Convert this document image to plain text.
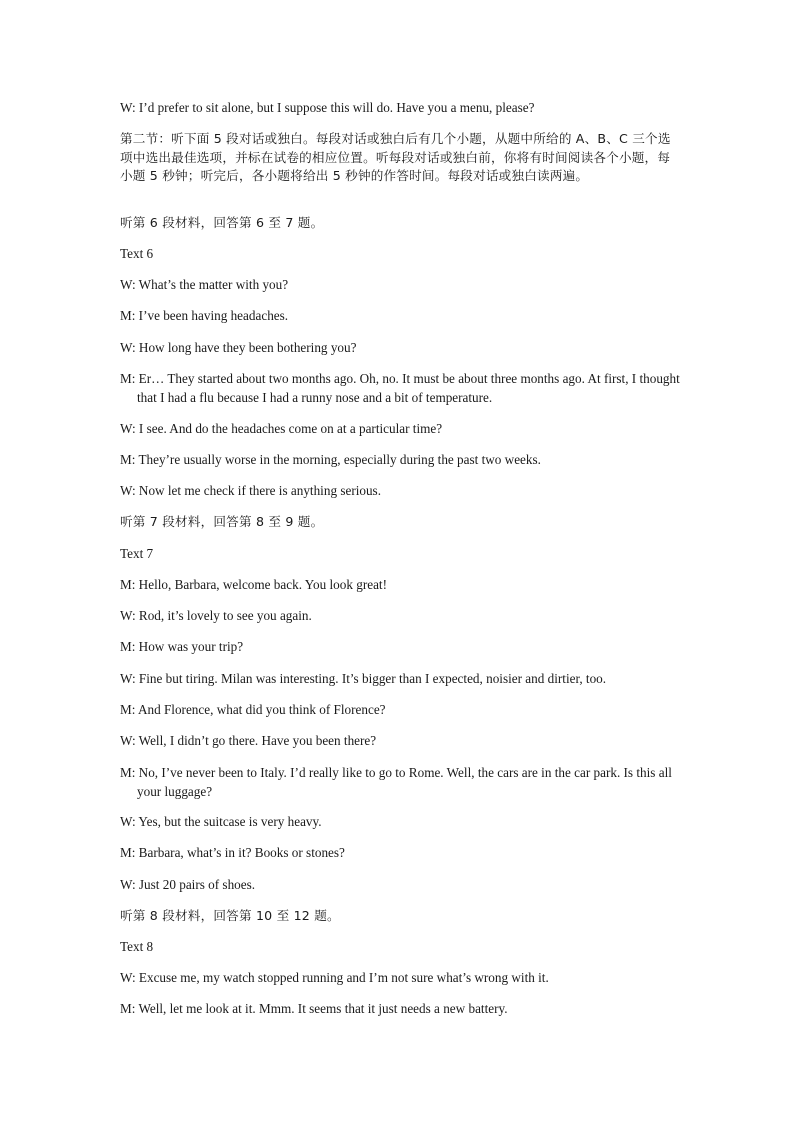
W: I’d prefer to sit alone, but I suppose this will do. Have you a menu, please?

第二节：听下面 5 段对话或独白。每段对话或独白后有几个小题，从题中所给的 A、B、C 三个选项中选出最佳选项，并标在试卷的相应位置。听每段对话或独白前，你将有时间阅读各个小题，每小题 5 秒钟；听完后，各小题将给出 5 秒钟的作答时间。每段对话或独白读两遍。

听第 6 段材料，回答第 6 至 7 题。

Text 6

W: What’s the matter with you?

M: I’ve been having headaches.

W: How long have they been bothering you?

M: Er… They started about two months ago. Oh, no. It must be about three months ago. At first, I thought that I had a flu because I had a runny nose and a bit of temperature.

W: I see. And do the headaches come on at a particular time?

M: They’re usually worse in the morning, especially during the past two weeks.

W: Now let me check if there is anything serious.

听第 7 段材料，回答第 8 至 9 题。

Text 7

M: Hello, Barbara, welcome back. You look great!

W: Rod, it’s lovely to see you again.

M: How was your trip?

W: Fine but tiring. Milan was interesting. It’s bigger than I expected, noisier and dirtier, too.

M: And Florence, what did you think of Florence?

W: Well, I didn’t go there. Have you been there?

M: No, I’ve never been to Italy. I’d really like to go to Rome. Well, the cars are in the car park. Is this all your luggage?

W: Yes, but the suitcase is very heavy.

M: Barbara, what’s in it? Books or stones?

W: Just 20 pairs of shoes.

听第 8 段材料，回答第 10 至 12 题。

Text 8

W: Excuse me, my watch stopped running and I’m not sure what’s wrong with it.

M: Well, let me look at it. Mmm. It seems that it just needs a new battery.
